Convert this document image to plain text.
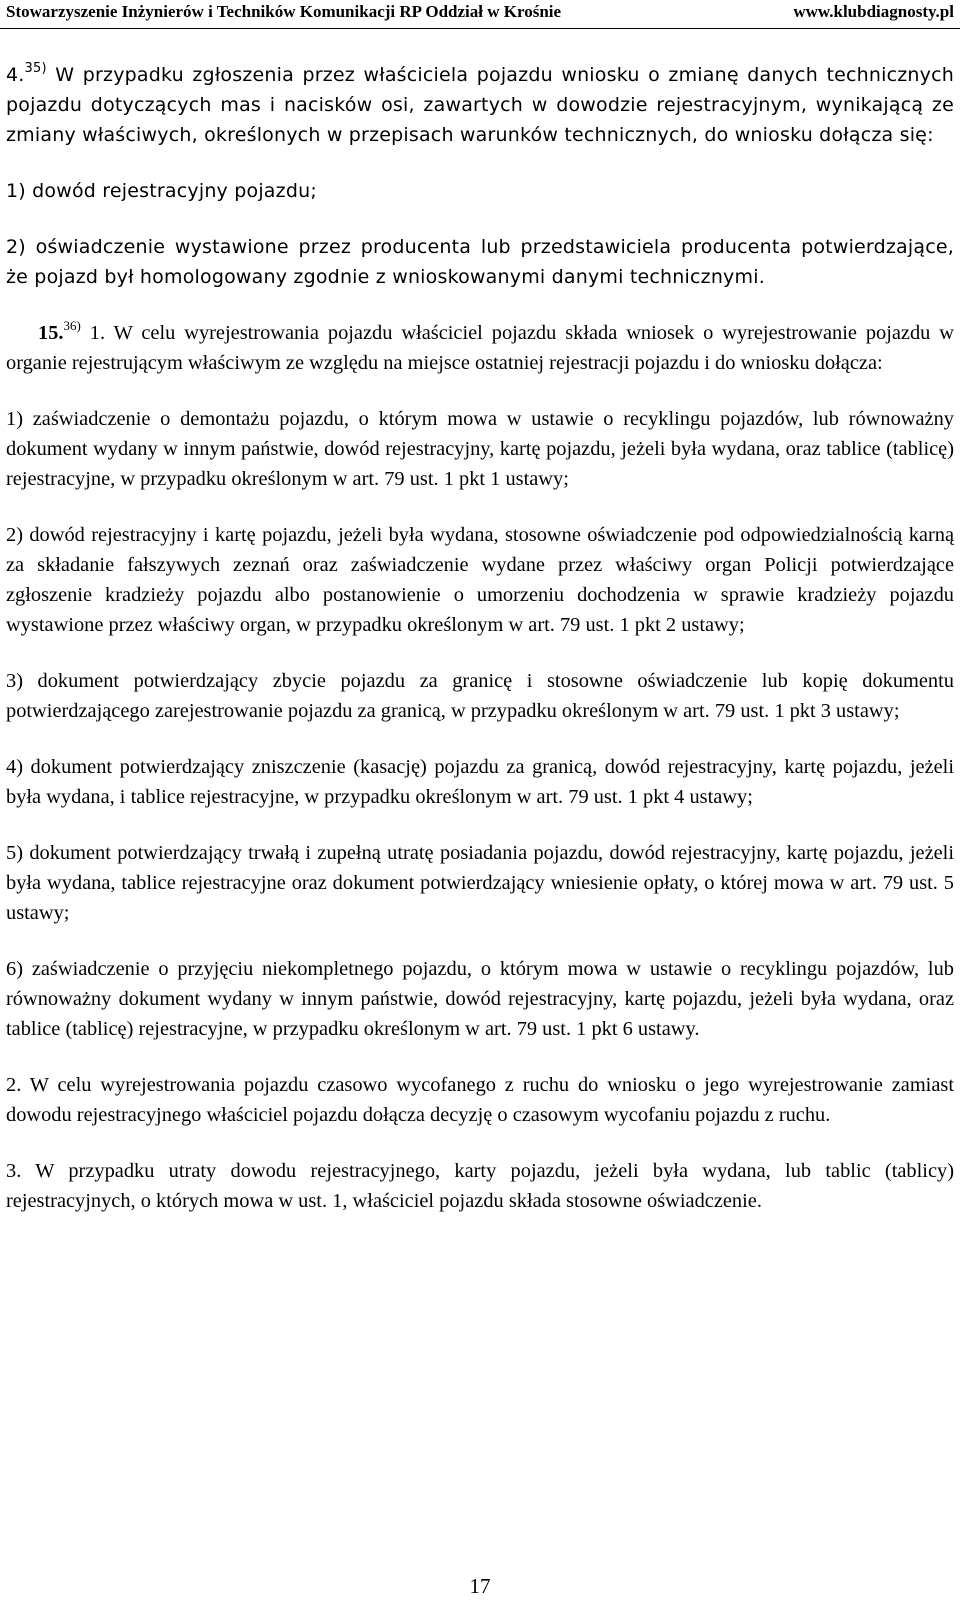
Stowarzyszenie Inżynierów i Techników Komunikacji RP Oddział w Krośnie	www.klubdiagnosty.pl

4.$^{35)}$ W przypadku zgłoszenia przez właściciela pojazdu wniosku o zmianę danych technicznych pojazdu dotyczących mas i nacisków osi, zawartych w dowodzie rejestracyjnym, wynikającą ze zmiany właściwych, określonych w przepisach warunków technicznych, do wniosku dołącza się:

1) dowód rejestracyjny pojazdu;

2) oświadczenie wystawione przez producenta lub przedstawiciela producenta potwierdzające, że pojazd był homologowany zgodnie z wnioskowanymi danymi technicznymi.

15.$^{36)}$ 1. W celu wyrejestrowania pojazdu właściciel pojazdu składa wniosek o wyrejestrowanie pojazdu w organie rejestrującym właściwym ze względu na miejsce ostatniej rejestracji pojazdu i do wniosku dołącza:

1) zaświadczenie o demontażu pojazdu, o którym mowa w ustawie o recyklingu pojazdów, lub równoważny dokument wydany w innym państwie, dowód rejestracyjny, kartę pojazdu, jeżeli była wydana, oraz tablice (tablicę) rejestracyjne, w przypadku określonym w art. 79 ust. 1 pkt 1 ustawy;

2) dowód rejestracyjny i kartę pojazdu, jeżeli była wydana, stosowne oświadczenie pod odpowiedzialnością karną za składanie fałszywych zeznań oraz zaświadczenie wydane przez właściwy organ Policji potwierdzające zgłoszenie kradzieży pojazdu albo postanowienie o umorzeniu dochodzenia w sprawie kradzieży pojazdu wystawione przez właściwy organ, w przypadku określonym w art. 79 ust. 1 pkt 2 ustawy;

3) dokument potwierdzający zbycie pojazdu za granicę i stosowne oświadczenie lub kopię dokumentu potwierdzającego zarejestrowanie pojazdu za granicą, w przypadku określonym w art. 79 ust. 1 pkt 3 ustawy;

4) dokument potwierdzający zniszczenie (kasację) pojazdu za granicą, dowód rejestracyjny, kartę pojazdu, jeżeli była wydana, i tablice rejestracyjne, w przypadku określonym w art. 79 ust. 1 pkt 4 ustawy;

5) dokument potwierdzający trwałą i zupełną utratę posiadania pojazdu, dowód rejestracyjny, kartę pojazdu, jeżeli była wydana, tablice rejestracyjne oraz dokument potwierdzający wniesienie opłaty, o której mowa w art. 79 ust. 5 ustawy;

6) zaświadczenie o przyjęciu niekompletnego pojazdu, o którym mowa w ustawie o recyklingu pojazdów, lub równoważny dokument wydany w innym państwie, dowód rejestracyjny, kartę pojazdu, jeżeli była wydana, oraz tablice (tablicę) rejestracyjne, w przypadku określonym w art. 79 ust. 1 pkt 6 ustawy.

2. W celu wyrejestrowania pojazdu czasowo wycofanego z ruchu do wniosku o jego wyrejestrowanie zamiast dowodu rejestracyjnego właściciel pojazdu dołącza decyzję o czasowym wycofaniu pojazdu z ruchu.

3. W przypadku utraty dowodu rejestracyjnego, karty pojazdu, jeżeli była wydana, lub tablic (tablicy) rejestracyjnych, o których mowa w ust. 1, właściciel pojazdu składa stosowne oświadczenie.

17
